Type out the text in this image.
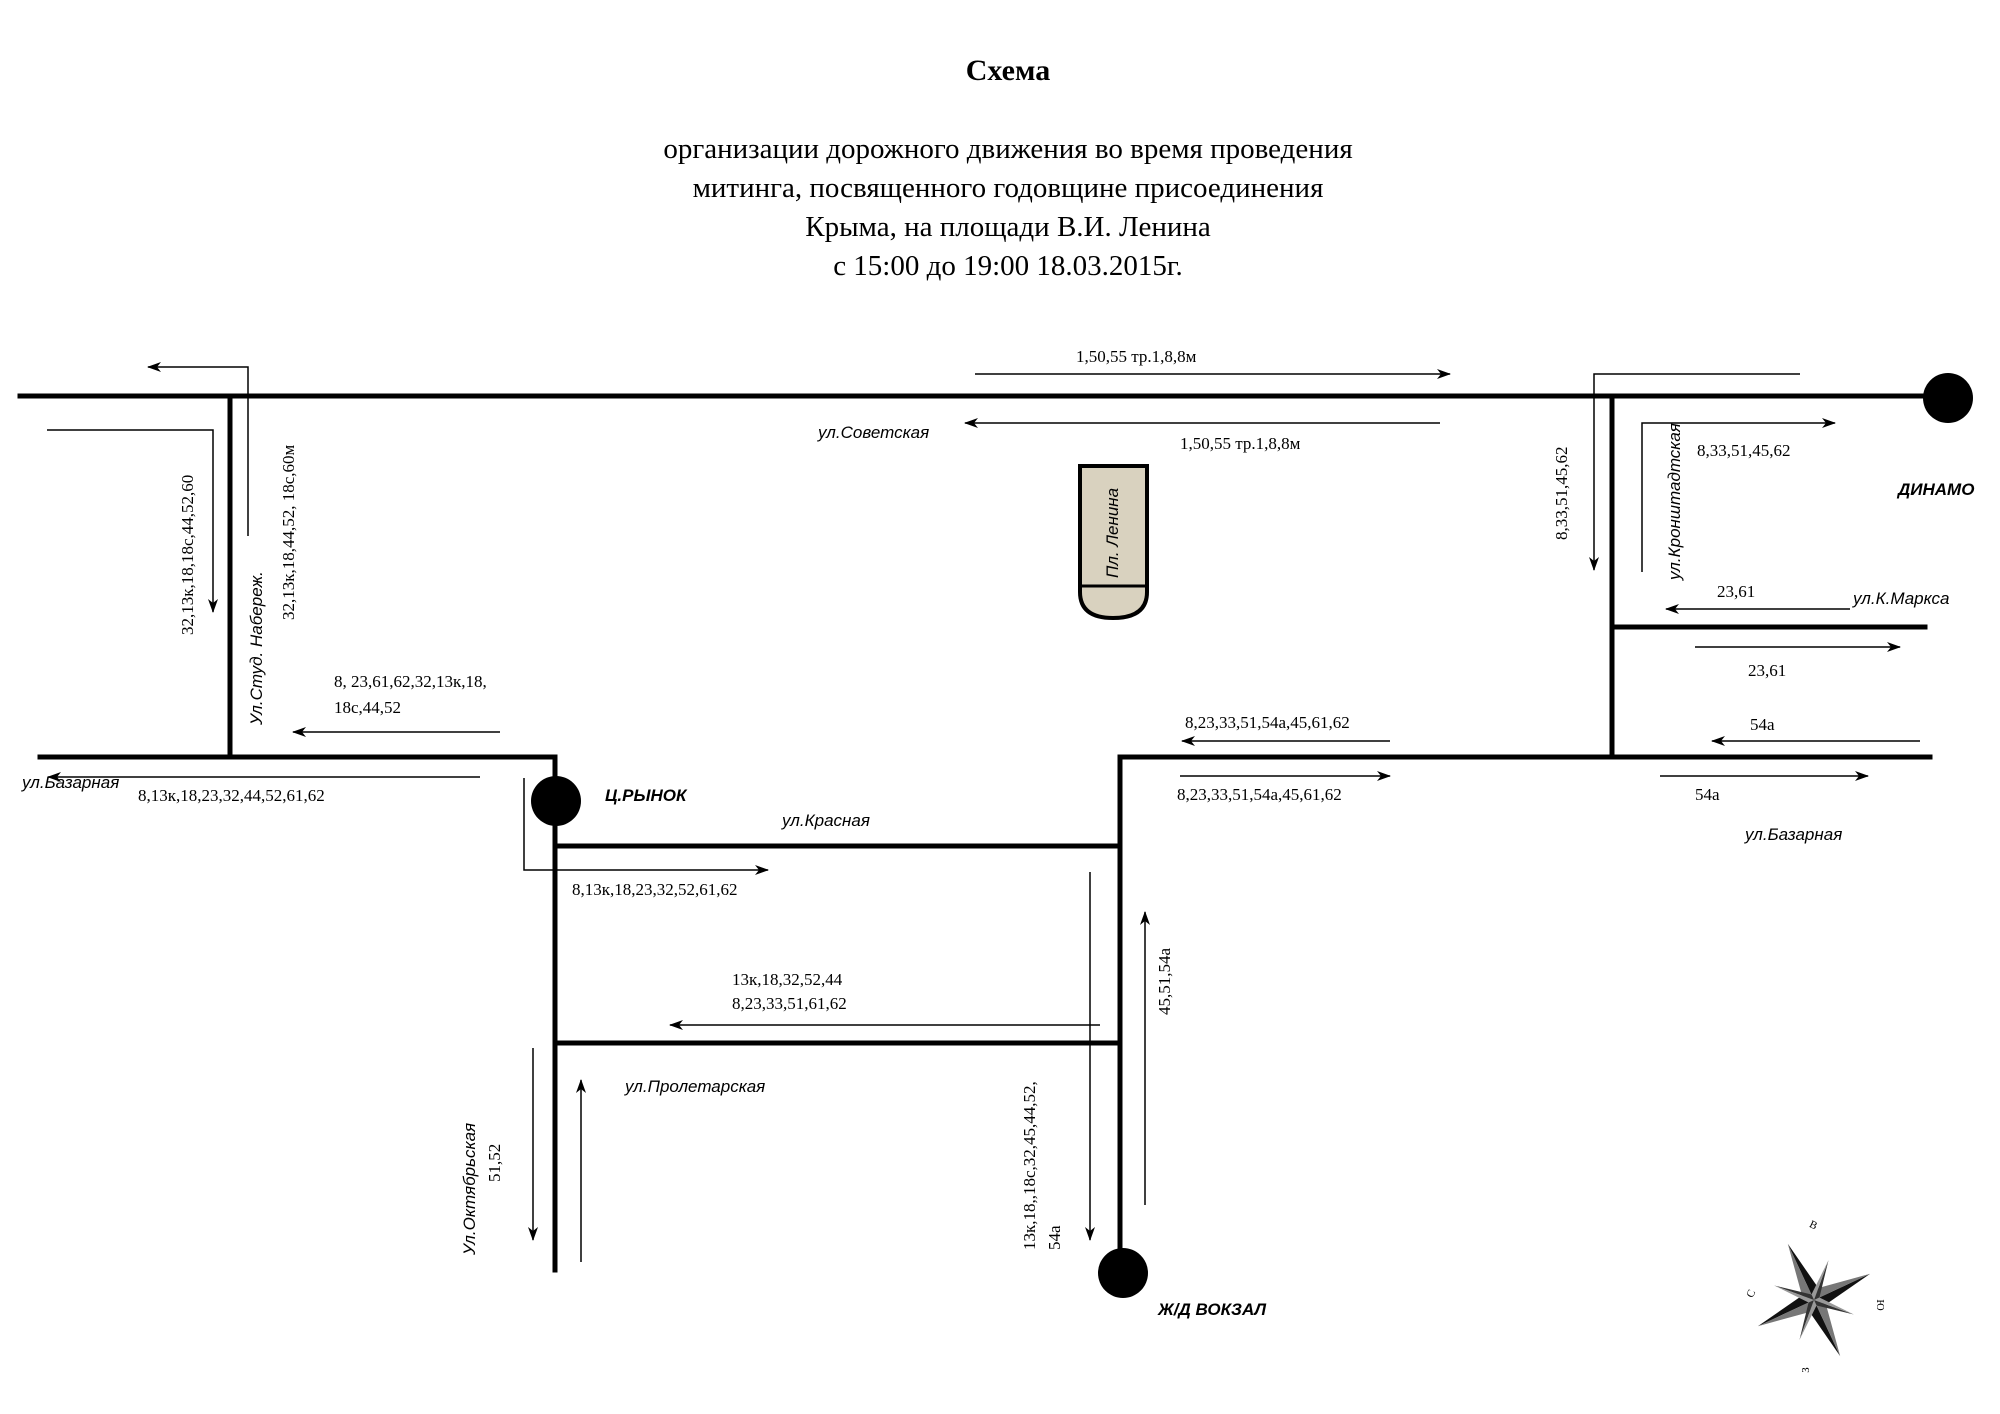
Схема
организации дорожного движения во время проведения
митинга, посвященного годовщине присоединения
Крыма, на площади В.И. Ленина
с 15:00 до 19:00 18.03.2015г.
Пл. Ленина
Ц.РЫНОК
ДИНАМО
Ж/Д ВОКЗАЛ
ул.Советская
Ул.Студ. Набереж.
ул.Базарная
ул.Базарная
ул.Красная
ул.Пролетарская
Ул.Октябрьская
ул.Кронштадтская
ул.К.Маркса
1,50,55 тр.1,8,8м
1,50,55 тр.1,8,8м
32,13к,18,18с,44,52,60	32,13к,18,44,52, 18с,60м
8, 23,61,62,32,13к,18,
18с,44,52
8,13к,18,23,32,44,52,61,62
8,13к,18,23,32,52,61,62
13к,18,32,52,44
8,23,33,51,61,62
51,52
45,51,54а
13к,18,,18с,32,45,44,52, 54а
8,23,33,51,54а,45,61,62
8,23,33,51,54а,45,61,62
8,33,51,45,62	8,33,51,45,62
23,61
23,61
54а
54а
С
В
Ю
З
